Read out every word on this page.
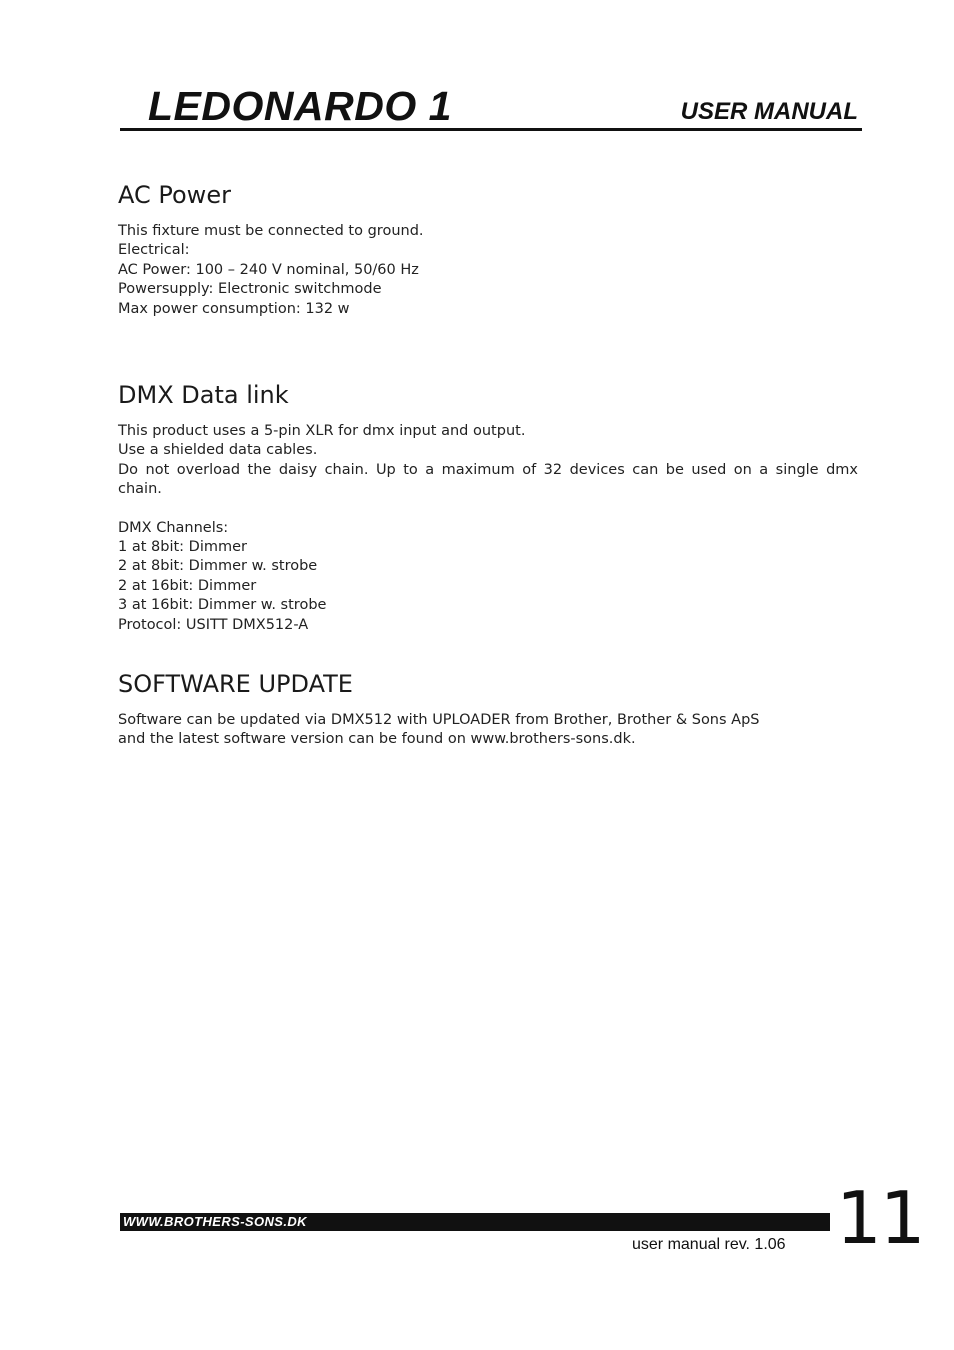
LEDONARDO 1	USER MANUAL
AC Power
This fixture must be connected to ground.
Electrical:
AC Power: 100 – 240 V nominal, 50/60 Hz
Powersupply: Electronic switchmode
Max power consumption: 132 w
DMX Data link
This product uses a 5-pin XLR for dmx input and output.
Use a shielded data cables.
Do not overload the daisy chain. Up to a maximum of 32 devices can be used on a single dmx
chain.
DMX Channels:
1 at 8bit: Dimmer
2 at 8bit: Dimmer w. strobe
2 at 16bit: Dimmer
3 at 16bit: Dimmer w. strobe
Protocol: USITT DMX512-A
SOFTWARE UPDATE
Software can be updated via DMX512 with UPLOADER from Brother, Brother & Sons ApS
and the latest software version can be found on www.brothers-sons.dk.
WWW.BROTHERS-SONS.DK
user manual rev. 1.06 11
